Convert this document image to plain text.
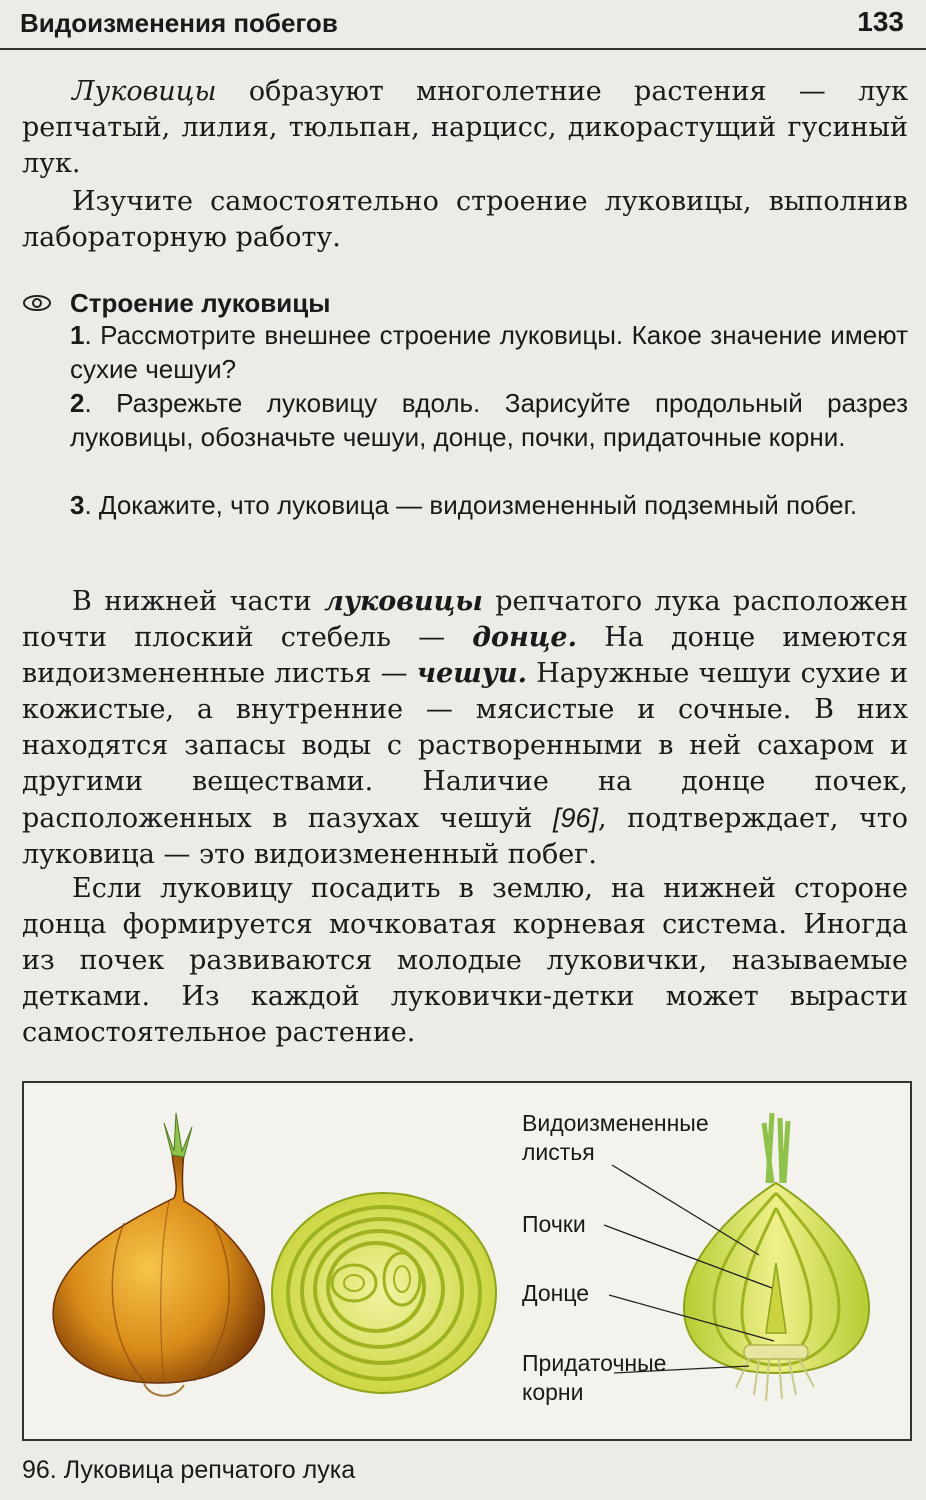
Видоизменения побегов	133

Луковицы образуют многолетние растения — лук репчатый, лилия, тюльпан, нарцисс, дикорастущий гусиный лук.

Изучите самостоятельно строение луковицы, выполнив лабораторную работу.

Строение луковицы

1. Рассмотрите внешнее строение луковицы. Какое значение имеют сухие чешуи?

2. Разрежьте луковицу вдоль. Зарисуйте продольный разрез луковицы, обозначьте чешуи, донце, почки, придаточные корни.

3. Докажите, что луковица — видоизмененный подземный побег.

В нижней части луковицы репчатого лука расположен почти плоский стебель — донце. На донце имеются видоизмененные листья — чешуи. Наружные чешуи сухие и кожистые, а внутренние — мясистые и сочные. В них находятся запасы воды с растворенными в ней сахаром и другими веществами. Наличие на донце почек, расположенных в пазухах чешуй [96], подтверждает, что луковица — это видоизмененный побег.

Если луковицу посадить в землю, на нижней стороне донца формируется мочковатая корневая система. Иногда из почек развиваются молодые луковички, называемые детками. Из каждой луковички-детки может вырасти самостоятельное растение.

Видоизмененные
листья
Почки
Донце
Придаточные
корни
96. Луковица репчатого лука
